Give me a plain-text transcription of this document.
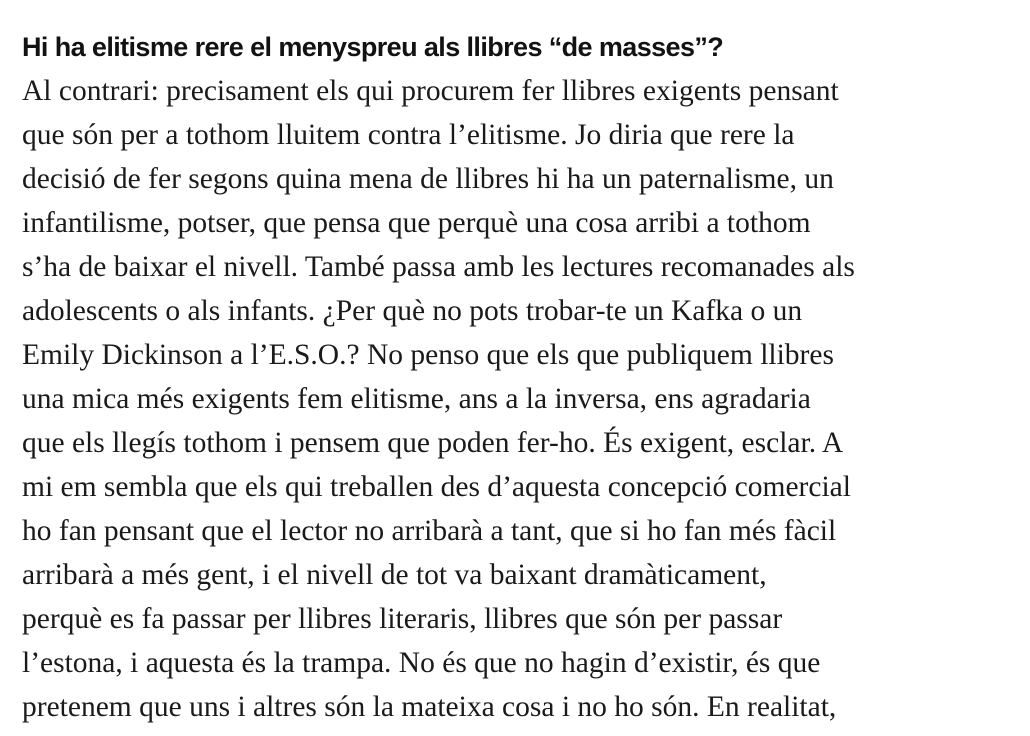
Hi ha elitisme rere el menyspreu als llibres “de masses”?

Al contrari: precisament els qui procurem fer llibres exigents pensant
que són per a tothom lluitem contra l’elitisme. Jo diria que rere la
decisió de fer segons quina mena de llibres hi ha un paternalisme, un
infantilisme, potser, que pensa que perquè una cosa arribi a tothom
s’ha de baixar el nivell. També passa amb les lectures recomanades als
adolescents o als infants. ¿Per què no pots trobar-te un Kafka o un
Emily Dickinson a l’E.S.O.? No penso que els que publiquem llibres
una mica més exigents fem elitisme, ans a la inversa, ens agradaria
que els llegís tothom i pensem que poden fer-ho. És exigent, esclar. A
mi em sembla que els qui treballen des d’aquesta concepció comercial
ho fan pensant que el lector no arribarà a tant, que si ho fan més fàcil
arribarà a més gent, i el nivell de tot va baixant dramàticament,
perquè es fa passar per llibres literaris, llibres que són per passar
l’estona, i aquesta és la trampa. No és que no hagin d’existir, és que
pretenem que uns i altres són la mateixa cosa i no ho són. En realitat,
